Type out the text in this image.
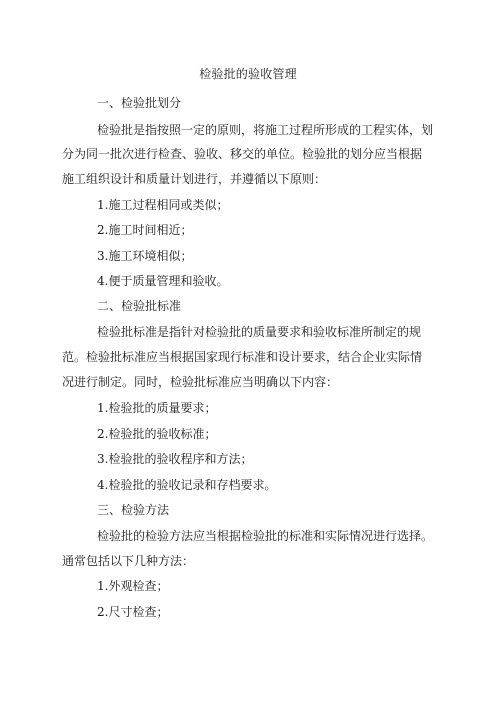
检验批的验收管理
一、检验批划分
检验批是指按照一定的原则，将施工过程所形成的工程实体，划
分为同一批次进行检查、验收、移交的单位。检验批的划分应当根据
施工组织设计和质量计划进行，并遵循以下原则：
1.施工过程相同或类似；
2.施工时间相近；
3.施工环境相似；
4.便于质量管理和验收。
二、检验批标准
检验批标准是指针对检验批的质量要求和验收标准所制定的规
范。检验批标准应当根据国家现行标准和设计要求，结合企业实际情
况进行制定。同时，检验批标准应当明确以下内容：
1.检验批的质量要求；
2.检验批的验收标准；
3.检验批的验收程序和方法；
4.检验批的验收记录和存档要求。
三、检验方法
检验批的检验方法应当根据检验批的标准和实际情况进行选择。
通常包括以下几种方法：
1.外观检查；
2.尺寸检查；
